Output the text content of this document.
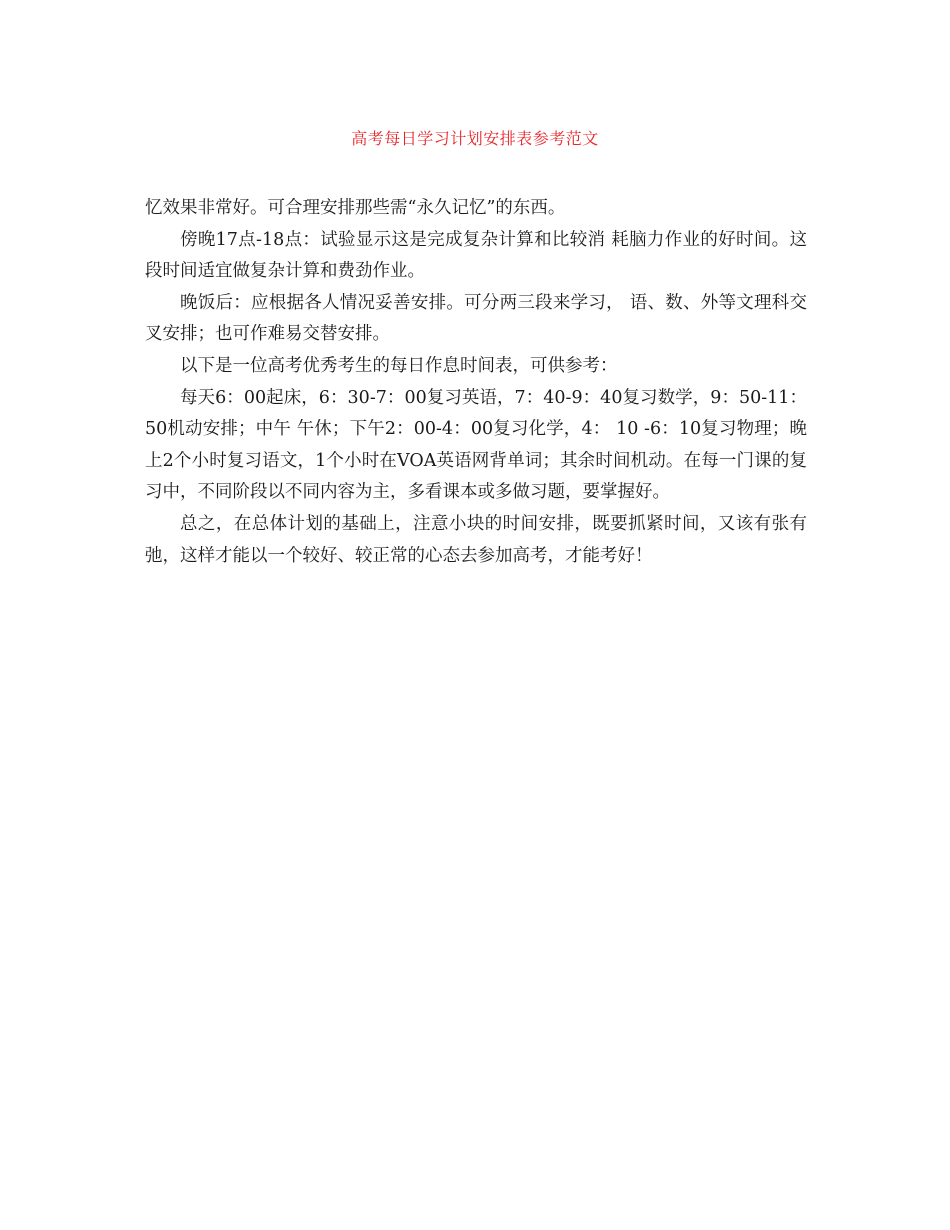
高考每日学习计划安排表参考范文

忆效果非常好。可合理安排那些需“永久记忆”的东西。

傍晚17点-18点：试验显示这是完成复杂计算和比较消 耗脑力作业的好时间。这段时间适宜做复杂计算和费劲作业。

晚饭后：应根据各人情况妥善安排。可分两三段来学习， 语、数、外等文理科交叉安排；也可作难易交替安排。

以下是一位高考优秀考生的每日作息时间表，可供参考：

每天6：00起床，6：30-7：00复习英语，7：40-9：40复习数学，9：50-11：50机动安排；中午 午休；下午2：00-4：00复习化学，4： 10 -6：10复习物理；晚上2个小时复习语文，1个小时在VOA英语网背单词；其余时间机动。在每一门课的复习中，不同阶段以不同内容为主，多看课本或多做习题，要掌握好。

总之，在总体计划的基础上，注意小块的时间安排，既要抓紧时间，又该有张有弛，这样才能以一个较好、较正常的心态去参加高考，才能考好！
